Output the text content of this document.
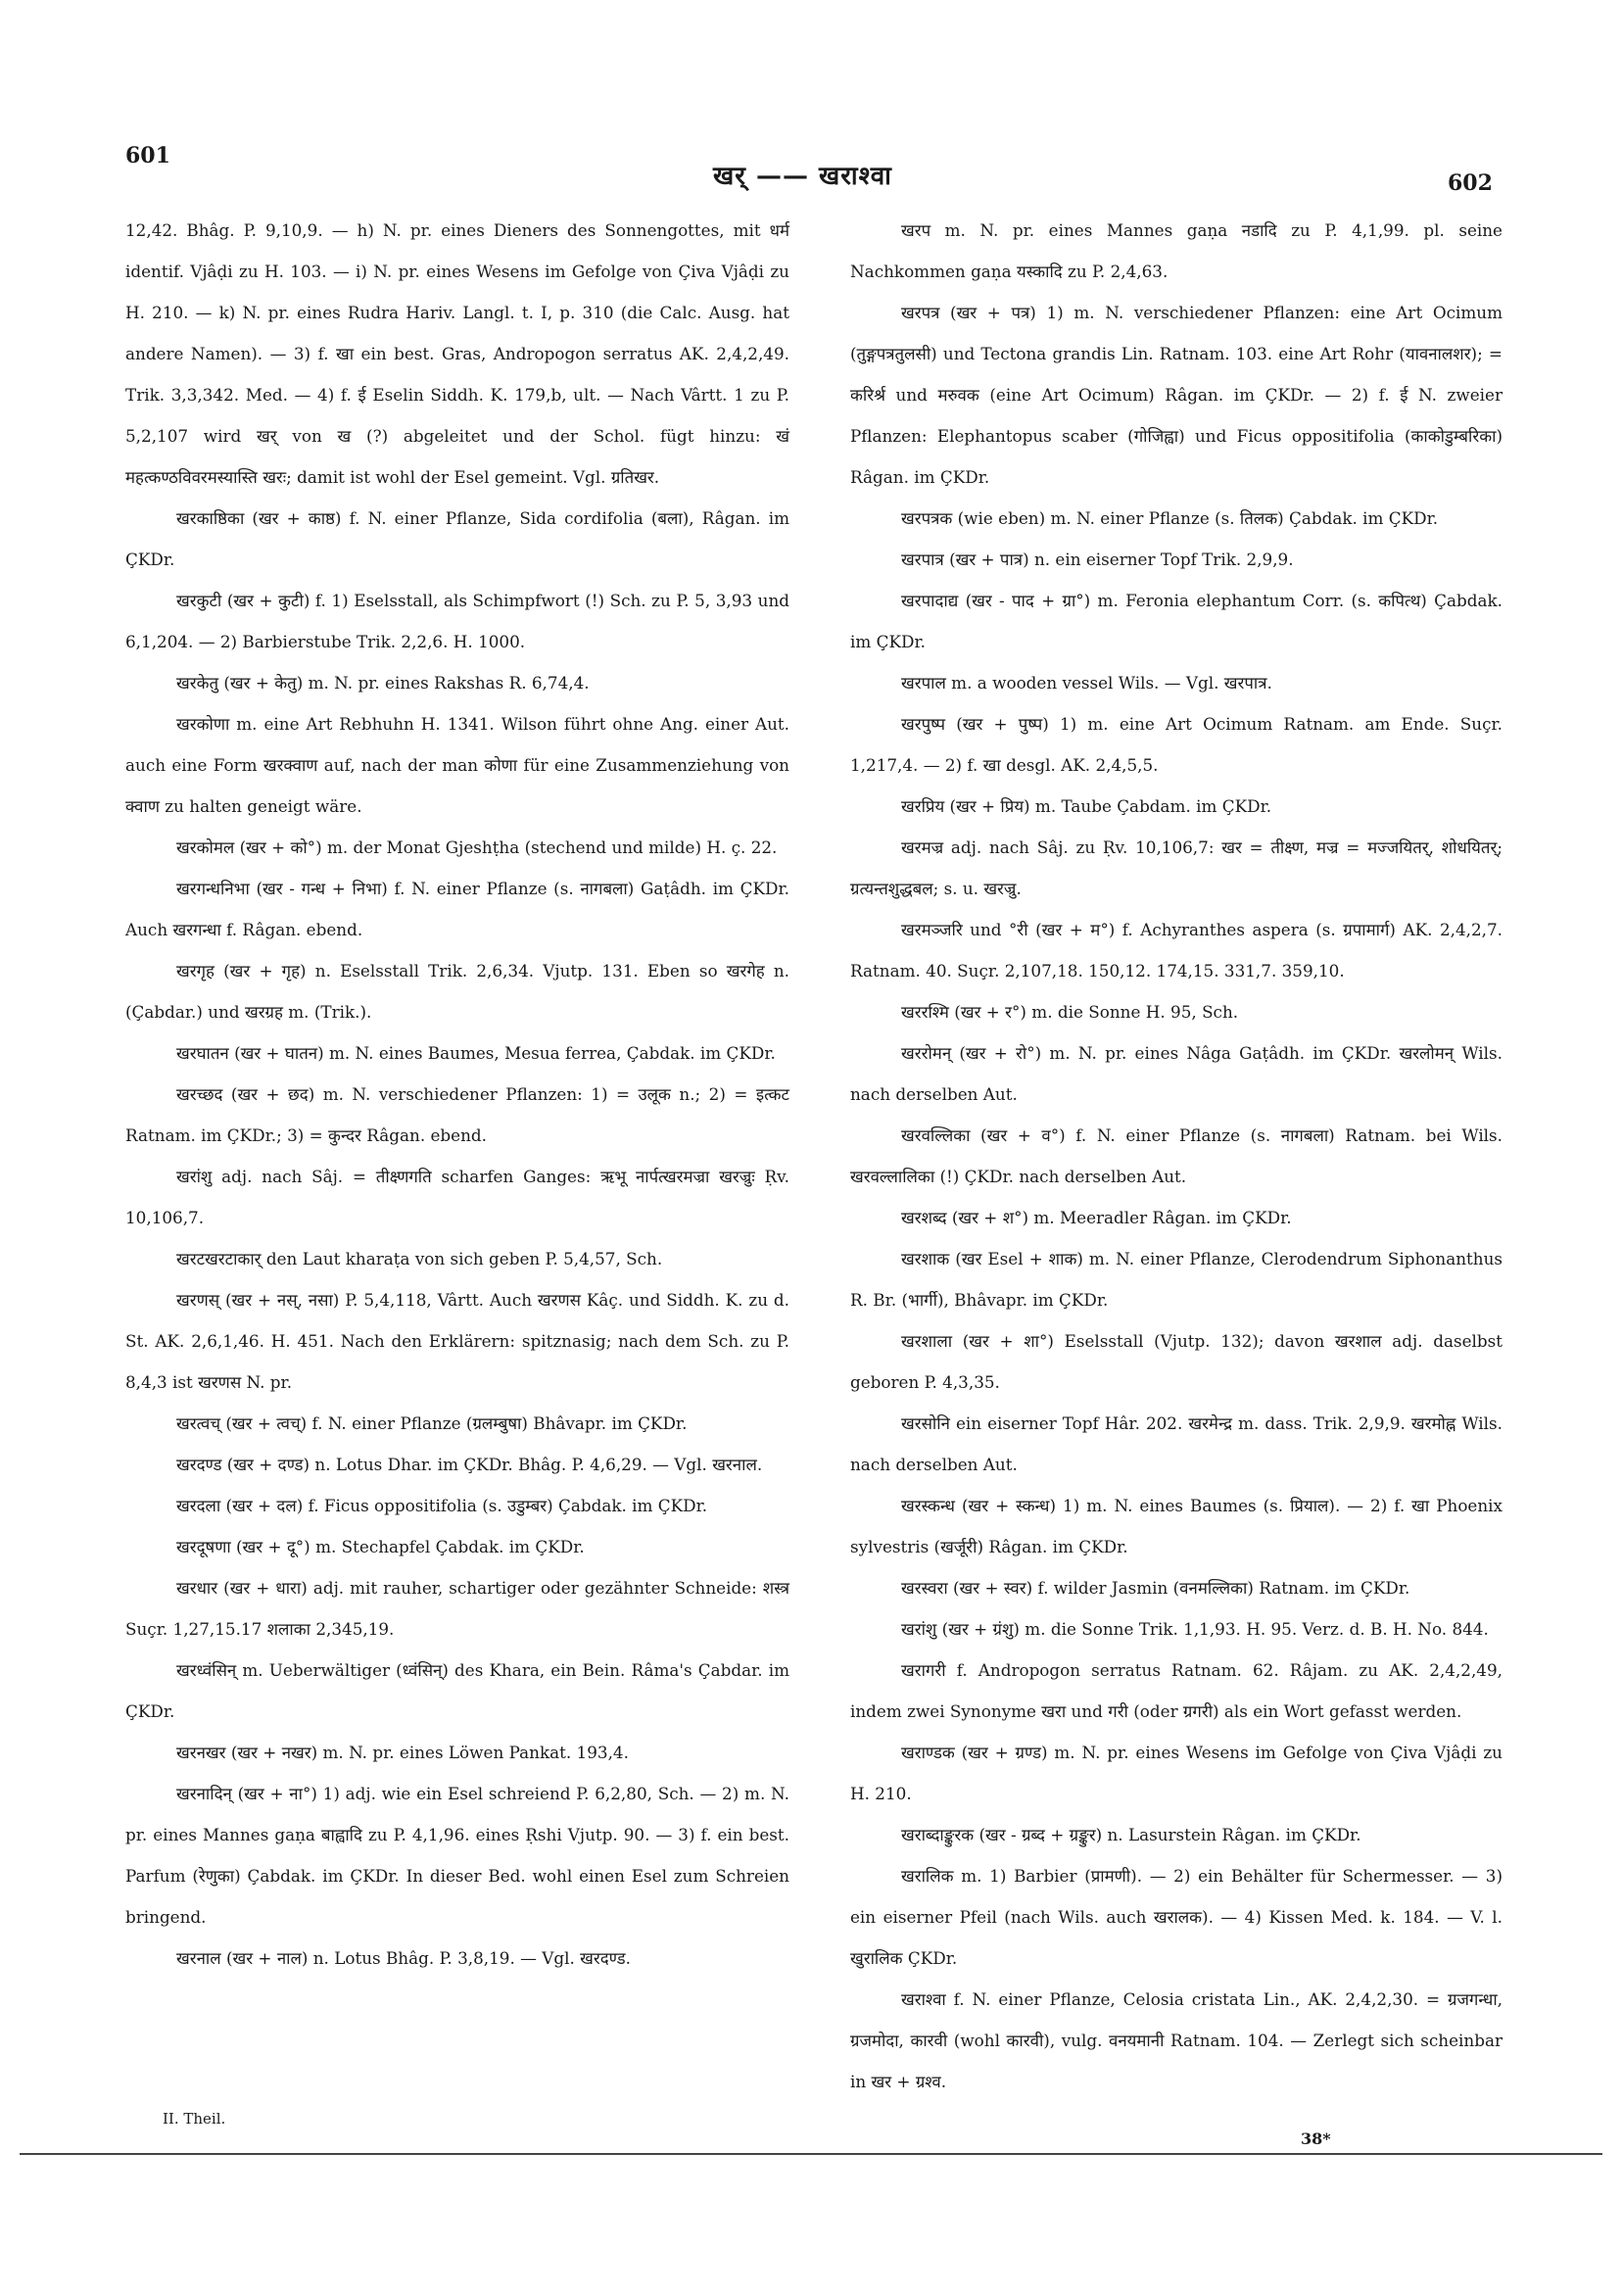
601
खर् —— खराश्वा	602

12,42. Bhâg. P. 9,10,9. — h) N. pr. eines Dieners des Sonnengottes, mit धर्म identif. Vjâḍi zu H. 103. — i) N. pr. eines Wesens im Gefolge von Çiva Vjâḍi zu H. 210. — k) N. pr. eines Rudra Hariv. Langl. t. I, p. 310 (die Calc. Ausg. hat andere Namen). — 3) f. खा ein best. Gras, Andropogon serratus AK. 2,4,2,49. Trik. 3,3,342. Med. — 4) f. ई Eselin Siddh. K. 179,b, ult. — Nach Vârtt. 1 zu P. 5,2,107 wird खर् von ख (?) abgeleitet und der Schol. fügt hinzu: खं महत्कण्ठविवरमस्यास्ति खरः; damit ist wohl der Esel gemeint. Vgl. ग्रतिखर.

खरकाष्ठिका (खर + काष्ठ) f. N. einer Pflanze, Sida cordifolia (बला), Râgan. im ÇKDr.

खरकुटी (खर + कुटी) f. 1) Eselsstall, als Schimpfwort (!) Sch. zu P. 5, 3,93 und 6,1,204. — 2) Barbierstube Trik. 2,2,6. H. 1000.

खरकेतु (खर + केतु) m. N. pr. eines Rakshas R. 6,74,4.

खरकोणा m. eine Art Rebhuhn H. 1341. Wilson führt ohne Ang. einer Aut. auch eine Form खरक्वाण auf, nach der man कोणा für eine Zusammenziehung von क्वाण zu halten geneigt wäre.

खरकोमल (खर + को°) m. der Monat Gjeshṭha (stechend und milde) H. ç. 22.

खरगन्धनिभा (खर - गन्ध + निभा) f. N. einer Pflanze (s. नागबला) Gaṭâdh. im ÇKDr. Auch खरगन्धा f. Râgan. ebend.

खरगृह (खर + गृह) n. Eselsstall Trik. 2,6,34. Vjutp. 131. Eben so खरगेह n. (Çabdar.) und खरग्रह m. (Trik.).

खरघातन (खर + घातन) m. N. eines Baumes, Mesua ferrea, Çabdak. im ÇKDr.

खरच्छद (खर + छद) m. N. verschiedener Pflanzen: 1) = उलूक n.; 2) = इत्कट Ratnam. im ÇKDr.; 3) = कुन्दर Râgan. ebend.

खरांशु adj. nach Sâj. = तीक्ष्णगति scharfen Ganges: ऋभू नार्पत्खरमज्रा खरज्रुः Ṛv. 10,106,7.

खरटखरटाकार् den Laut kharaṭa von sich geben P. 5,4,57, Sch.

खरणस् (खर + नस्, नसा) P. 5,4,118, Vârtt. Auch खरणस Kâç. und Siddh. K. zu d. St. AK. 2,6,1,46. H. 451. Nach den Erklärern: spitznasig; nach dem Sch. zu P. 8,4,3 ist खरणस N. pr.

खरत्वच् (खर + त्वच्) f. N. einer Pflanze (ग्रलम्बुषा) Bhâvapr. im ÇKDr.

खरदण्ड (खर + दण्ड) n. Lotus Dhar. im ÇKDr. Bhâg. P. 4,6,29. — Vgl. खरनाल.

खरदला (खर + दल) f. Ficus oppositifolia (s. उडुम्बर) Çabdak. im ÇKDr.

खरदूषणा (खर + दू°) m. Stechapfel Çabdak. im ÇKDr.

खरधार (खर + धारा) adj. mit rauher, schartiger oder gezähnter Schneide: शस्त्र Suçr. 1,27,15.17 शलाका 2,345,19.

खरध्वंसिन् m. Ueberwältiger (ध्वंसिन्) des Khara, ein Bein. Râma's Çabdar. im ÇKDr.

खरनखर (खर + नखर) m. N. pr. eines Löwen Pankat. 193,4.

खरनादिन् (खर + ना°) 1) adj. wie ein Esel schreiend P. 6,2,80, Sch. — 2) m. N. pr. eines Mannes gaṇa बाह्वादि zu P. 4,1,96. eines Ṛshi Vjutp. 90. — 3) f. ein best. Parfum (रेणुका) Çabdak. im ÇKDr. In dieser Bed. wohl einen Esel zum Schreien bringend.

खरनाल (खर + नाल) n. Lotus Bhâg. P. 3,8,19. — Vgl. खरदण्ड.

खरप m. N. pr. eines Mannes gaṇa नडादि zu P. 4,1,99. pl. seine Nachkommen gaṇa यस्कादि zu P. 2,4,63.

खरपत्र (खर + पत्र) 1) m. N. verschiedener Pflanzen: eine Art Ocimum (तुङ्गपत्रतुलसी) und Tectona grandis Lin. Ratnam. 103. eine Art Rohr (यावनालशर); = करिर्श्र und मरुवक (eine Art Ocimum) Râgan. im ÇKDr. — 2) f. ई N. zweier Pflanzen: Elephantopus scaber (गोजिह्वा) und Ficus oppositifolia (काकोडुम्बरिका) Râgan. im ÇKDr.

खरपत्रक (wie eben) m. N. einer Pflanze (s. तिलक) Çabdak. im ÇKDr.

खरपात्र (खर + पात्र) n. ein eiserner Topf Trik. 2,9,9.

खरपादाद्य (खर - पाद + ग्रा°) m. Feronia elephantum Corr. (s. कपित्थ) Çabdak. im ÇKDr.

खरपाल m. a wooden vessel Wils. — Vgl. खरपात्र.

खरपुष्प (खर + पुष्प) 1) m. eine Art Ocimum Ratnam. am Ende. Suçr. 1,217,4. — 2) f. खा desgl. AK. 2,4,5,5.

खरप्रिय (खर + प्रिय) m. Taube Çabdam. im ÇKDr.

खरमज्र adj. nach Sâj. zu Ṛv. 10,106,7: खर = तीक्ष्ण, मज्र = मज्जयितर्, शोधयितर्; ग्रत्यन्तशुद्धबल; s. u. खरज्रु.

खरमञ्जरि und °री (खर + म°) f. Achyranthes aspera (s. ग्रपामार्ग) AK. 2,4,2,7. Ratnam. 40. Suçr. 2,107,18. 150,12. 174,15. 331,7. 359,10.

खररश्मि (खर + र°) m. die Sonne H. 95, Sch.

खररोमन् (खर + रो°) m. N. pr. eines Nâga Gaṭâdh. im ÇKDr. खरलोमन् Wils. nach derselben Aut.

खरवल्लिका (खर + व°) f. N. einer Pflanze (s. नागबला) Ratnam. bei Wils. खरवल्लालिका (!) ÇKDr. nach derselben Aut.

खरशब्द (खर + श°) m. Meeradler Râgan. im ÇKDr.

खरशाक (खर Esel + शाक) m. N. einer Pflanze, Clerodendrum Siphonanthus R. Br. (भार्गी), Bhâvapr. im ÇKDr.

खरशाला (खर + शा°) Eselsstall (Vjutp. 132); davon खरशाल adj. daselbst geboren P. 4,3,35.

खरसोनि ein eiserner Topf Hâr. 202. खरमेन्द्र m. dass. Trik. 2,9,9. खरमोह्न Wils. nach derselben Aut.

खरस्कन्ध (खर + स्कन्ध) 1) m. N. eines Baumes (s. प्रियाल). — 2) f. खा Phoenix sylvestris (खर्जूरी) Râgan. im ÇKDr.

खरस्वरा (खर + स्वर) f. wilder Jasmin (वनमल्लिका) Ratnam. im ÇKDr.

खरांशु (खर + ग्रंशु) m. die Sonne Trik. 1,1,93. H. 95. Verz. d. B. H. No. 844.

खरागरी f. Andropogon serratus Ratnam. 62. Râjam. zu AK. 2,4,2,49, indem zwei Synonyme खरा und गरी (oder ग्रगरी) als ein Wort gefasst werden.

खराण्डक (खर + ग्रण्ड) m. N. pr. eines Wesens im Gefolge von Çiva Vjâḍi zu H. 210.

खराब्दाङ्कुरक (खर - ग्रब्द + ग्रङ्कुर) n. Lasurstein Râgan. im ÇKDr.

खरालिक m. 1) Barbier (प्रामणी). — 2) ein Behälter für Schermesser. — 3) ein eiserner Pfeil (nach Wils. auch खरालक). — 4) Kissen Med. k. 184. — V. l. खुरालिक ÇKDr.

खराश्वा f. N. einer Pflanze, Celosia cristata Lin., AK. 2,4,2,30. = ग्रजगन्धा, ग्रजमोदा, कारवी (wohl कारवी), vulg. वनयमानी Ratnam. 104. — Zerlegt sich scheinbar in खर + ग्रश्व.

II. Theil.
38*
